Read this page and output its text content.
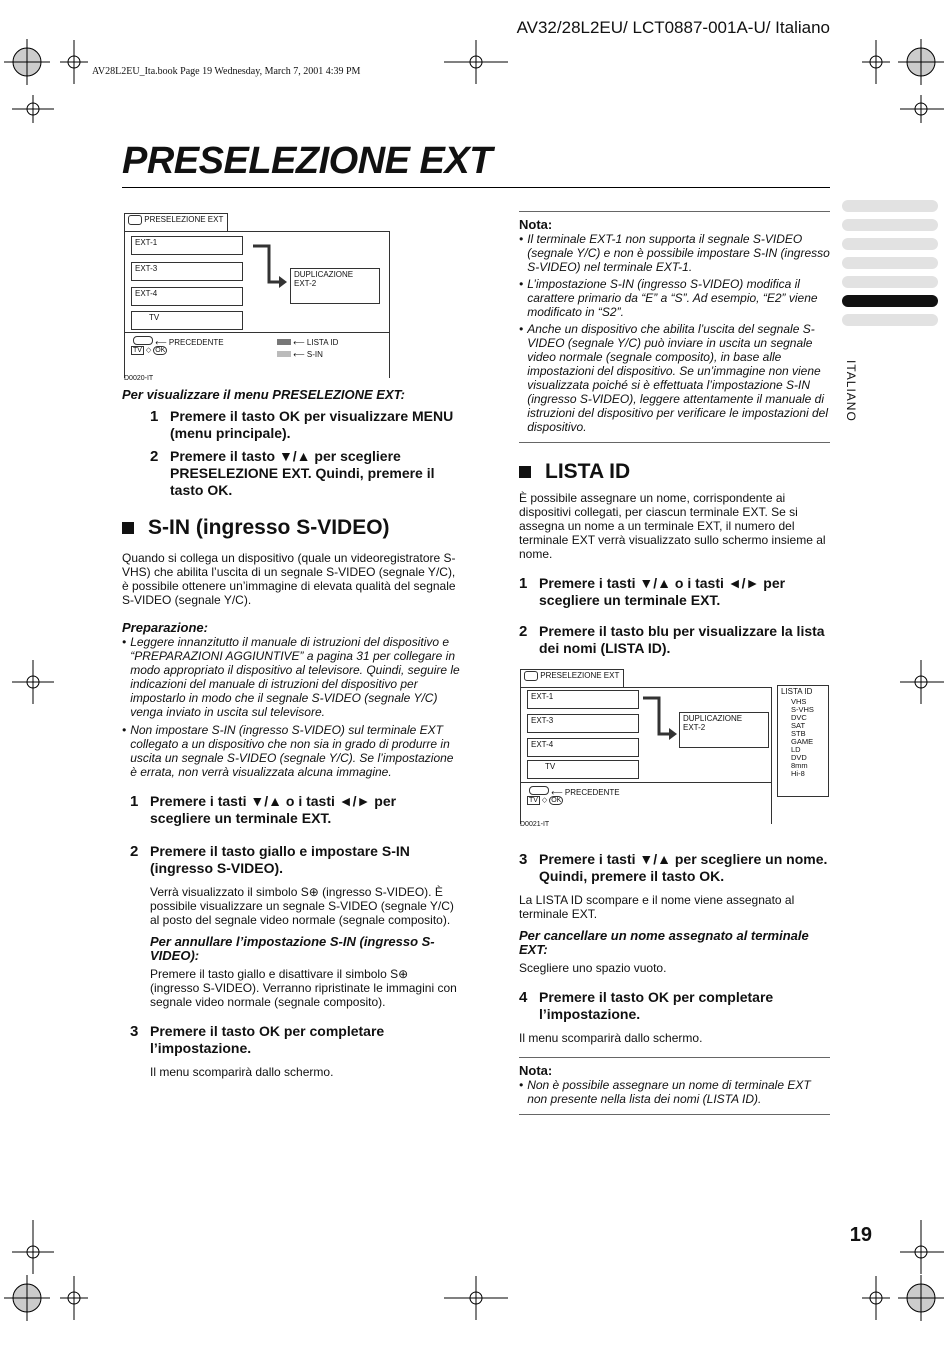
AV32/28L2EU/ LCT0887-001A-U/ Italiano
AV28L2EU_Ita.book Page 19 Wednesday, March 7, 2001 4:39 PM
PRESELEZIONE EXT
ITALIANO
PRESELEZIONE EXT
EXT-1
EXT-3
EXT-4
TV
DUPLICAZIONE
EXT-2
⟵ PRECEDENTE
TV ◇ OK
⟵ LISTA ID
⟵ S-IN
D0020-IT
Per visualizzare il menu PRESELEZIONE EXT:
1 Premere il tasto OK per visualizzare MENU (menu principale).
2 Premere il tasto ▼/▲ per scegliere PRESELEZIONE EXT. Quindi, premere il tasto OK.
S-IN (ingresso S-VIDEO)
Quando si collega un dispositivo (quale un videoregistratore S-VHS) che abilita l’uscita di un segnale S-VIDEO (segnale Y/C), è possibile ottenere un’immagine di elevata qualità del segnale S-VIDEO (segnale Y/C).
Preparazione:
• Leggere innanzitutto il manuale di istruzioni del dispositivo e “PREPARAZIONI AGGIUNTIVE” a pagina 31 per collegare in modo appropriato il dispositivo al televisore. Quindi, seguire le indicazioni del manuale di istruzioni del dispositivo per impostarlo in modo che il segnale S-VIDEO (segnale Y/C) venga inviato in uscita sul televisore.
• Non impostare S-IN (ingresso S-VIDEO) sul terminale EXT collegato a un dispositivo che non sia in grado di produrre in uscita un segnale S-VIDEO (segnale Y/C). Se l’impostazione è errata, non verrà visualizzata alcuna immagine.
1 Premere i tasti ▼/▲ o i tasti ◄/► per scegliere un terminale EXT.
2 Premere il tasto giallo e impostare S-IN (ingresso S-VIDEO).
Verrà visualizzato il simbolo S⊕ (ingresso S-VIDEO). È possibile visualizzare un segnale S-VIDEO (segnale Y/C) al posto del segnale video normale (segnale composito).
Per annullare l’impostazione S-IN (ingresso S-VIDEO):
Premere il tasto giallo e disattivare il simbolo S⊕ (ingresso S-VIDEO). Verranno ripristinate le immagini con segnale video normale (segnale composito).
3 Premere il tasto OK per completare l’impostazione.
Il menu scomparirà dallo schermo.
Nota:
• Il terminale EXT-1 non supporta il segnale S-VIDEO (segnale Y/C) e non è possibile impostare S-IN (ingresso S-VIDEO) nel terminale EXT-1.
• L’impostazione S-IN (ingresso S-VIDEO) modifica il carattere primario da “E” a “S”. Ad esempio, “E2” viene modificato in “S2”.
• Anche un dispositivo che abilita l’uscita del segnale S-VIDEO (segnale Y/C) può inviare in uscita un segnale video normale (segnale composito), in base alle impostazioni del dispositivo. Se un’immagine non viene visualizzata poiché si è effettuata l’impostazione S-IN (ingresso S-VIDEO), leggere attentamente il manuale di istruzioni del dispositivo per verificare le impostazioni del dispositivo.
LISTA ID
È possibile assegnare un nome, corrispondente ai dispositivi collegati, per ciascun terminale EXT. Se si assegna un nome a un terminale EXT, il numero del terminale EXT verrà visualizzato sullo schermo insieme al nome.
1 Premere i tasti ▼/▲ o i tasti ◄/► per scegliere un terminale EXT.
2 Premere il tasto blu per visualizzare la lista dei nomi (LISTA ID).
PRESELEZIONE EXT
EXT-1
EXT-3
EXT-4
TV
DUPLICAZIONE
EXT-2
⟵ PRECEDENTE
TV ◇ OK
LISTA ID
VHS
S-VHS
DVC
SAT
STB
GAME
LD
DVD
8mm
Hi-8
D0021-IT
3 Premere i tasti ▼/▲ per scegliere un nome. Quindi, premere il tasto OK.
La LISTA ID scompare e il nome viene assegnato al terminale EXT.
Per cancellare un nome assegnato al terminale EXT:
Scegliere uno spazio vuoto.
4 Premere il tasto OK per completare l’impostazione.
Il menu scomparirà dallo schermo.
Nota:
• Non è possibile assegnare un nome di terminale EXT non presente nella lista dei nomi (LISTA ID).
19
